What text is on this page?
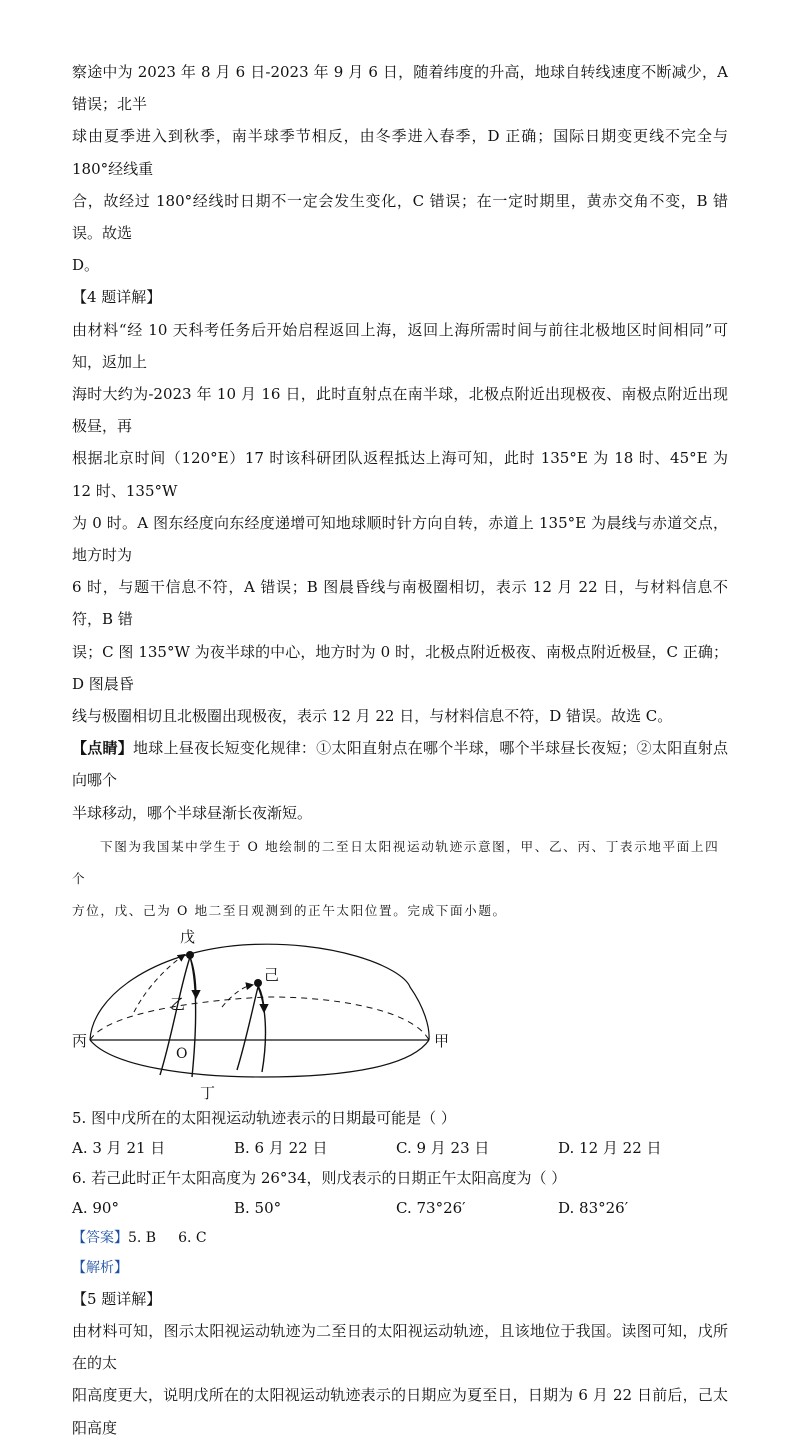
察途中为 2023 年 8 月 6 日-2023 年 9 月 6 日，随着纬度的升高，地球自转线速度不断减少，A 错误；北半

球由夏季进入到秋季，南半球季节相反，由冬季进入春季，D 正确；国际日期变更线不完全与 180°经线重

合，故经过 180°经线时日期不一定会发生变化，C 错误；在一定时期里，黄赤交角不变，B 错误。故选

D。

【4 题详解】

由材料“经 10 天科考任务后开始启程返回上海，返回上海所需时间与前往北极地区时间相同”可知，返加上

海时大约为-2023 年 10 月 16 日，此时直射点在南半球，北极点附近出现极夜、南极点附近出现极昼，再

根据北京时间（120°E）17 时该科研团队返程抵达上海可知，此时 135°E 为 18 时、45°E 为 12 时、135°W

为 0 时。A 图东经度向东经度递增可知地球顺时针方向自转，赤道上 135°E 为晨线与赤道交点，地方时为

6 时，与题干信息不符，A 错误；B 图晨昏线与南极圈相切，表示 12 月 22 日，与材料信息不符，B 错

误；C 图 135°W 为夜半球的中心，地方时为 0 时，北极点附近极夜、南极点附近极昼，C 正确；D 图晨昏

线与极圈相切且北极圈出现极夜，表示 12 月 22 日，与材料信息不符，D 错误。故选 C。

【点睛】地球上昼夜长短变化规律：①太阳直射点在哪个半球，哪个半球昼长夜短；②太阳直射点向哪个

半球移动，哪个半球昼渐长夜渐短。

下图为我国某中学生于 O 地绘制的二至日太阳视运动轨迹示意图，甲、乙、丙、丁表示地平面上四个

方位，戊、己为 O 地二至日观测到的正午太阳位置。完成下面小题。

戊
己
乙
丙	甲
O
丁

5. 图中戊所在的太阳视运动轨迹表示的日期最可能是（ ）

A. 3 月 21 日	B. 6 月 22 日	C. 9 月 23 日	D. 12 月 22 日

6. 若己此时正午太阳高度为 26°34，则戊表示的日期正午太阳高度为（ ）

A. 90°	B. 50°	C. 73°26′	D. 83°26′

【答案】5. B 6. C

【解析】

【5 题详解】

由材料可知，图示太阳视运动轨迹为二至日的太阳视运动轨迹，且该地位于我国。读图可知，戊所在的太

阳高度更大，说明戊所在的太阳视运动轨迹表示的日期应为夏至日，日期为 6 月 22 日前后，己太阳高度
